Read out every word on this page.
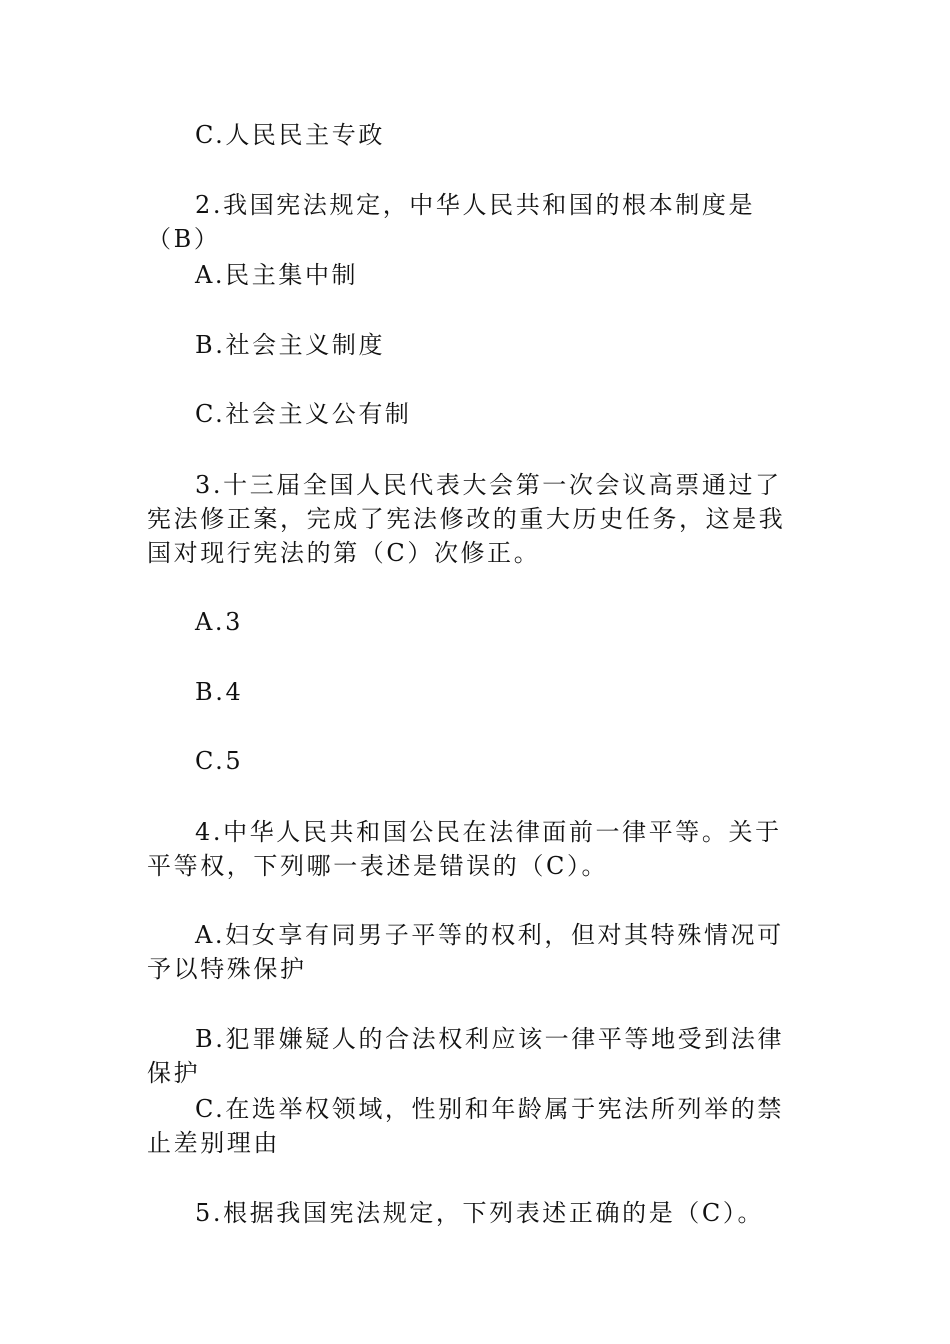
C.人民民主专政

2.我国宪法规定，中华人民共和国的根本制度是（B）

A.民主集中制

B.社会主义制度

C.社会主义公有制

3.十三届全国人民代表大会第一次会议高票通过了宪法修正案，完成了宪法修改的重大历史任务，这是我国对现行宪法的第（C）次修正。

A.3

B.4

C.5

4.中华人民共和国公民在法律面前一律平等。关于平等权，下列哪一表述是错误的（C）。

A.妇女享有同男子平等的权利，但对其特殊情况可予以特殊保护

B.犯罪嫌疑人的合法权利应该一律平等地受到法律保护

C.在选举权领域，性别和年龄属于宪法所列举的禁止差别理由

5.根据我国宪法规定，下列表述正确的是（C）。
